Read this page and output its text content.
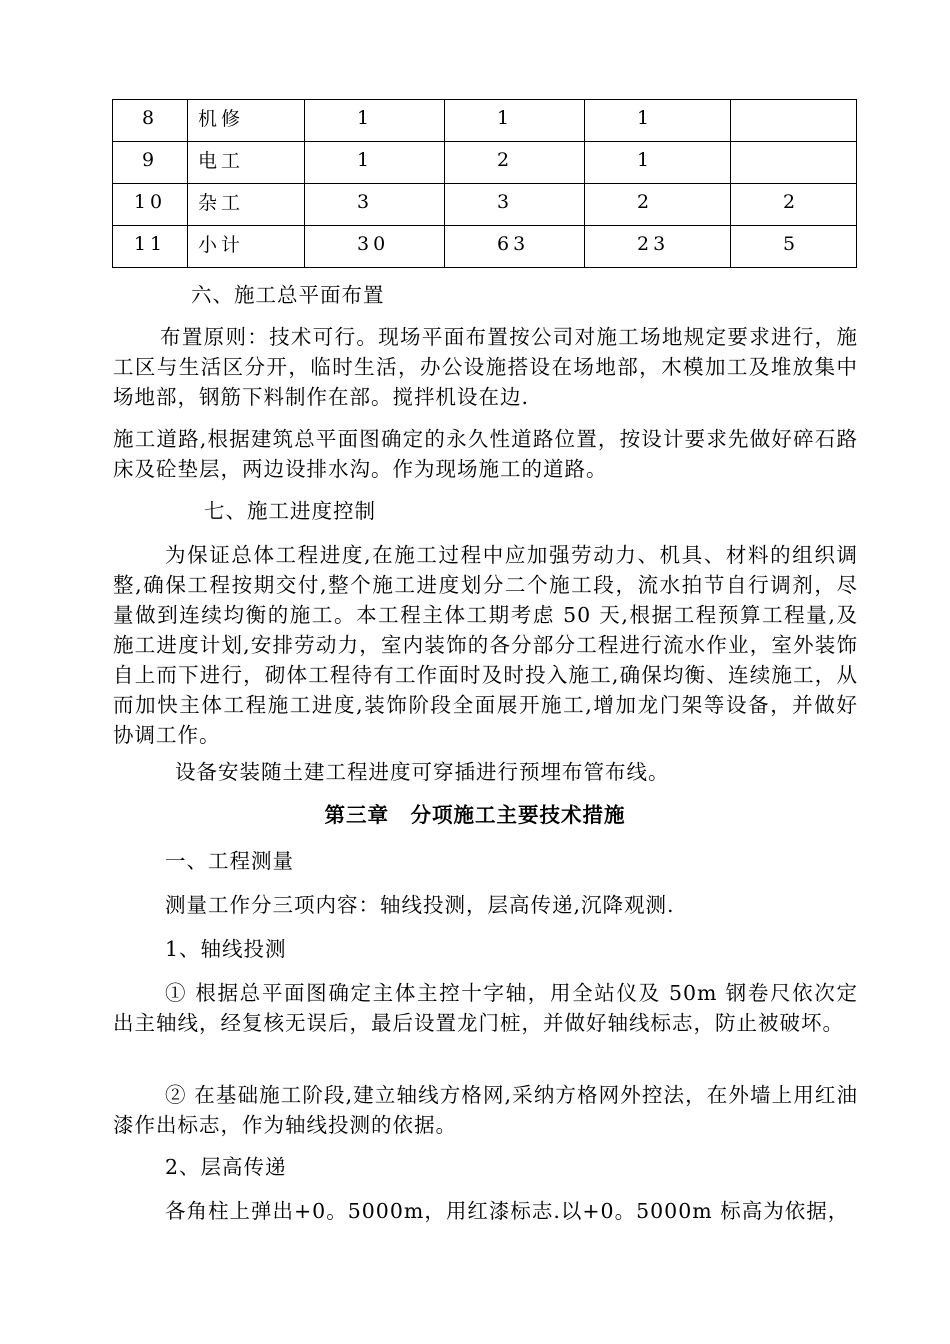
8	机修	1	1	1	
9	电工	1	2	1	
10	杂工	3	3	2	2
11	小计	30	63	23	5
六、施工总平面布置
布置原则：技术可行。现场平面布置按公司对施工场地规定要求进行，施工区与生活区分开，临时生活，办公设施搭设在场地部，木模加工及堆放集中场地部，钢筋下料制作在部。搅拌机设在边.
施工道路,根据建筑总平面图确定的永久性道路位置，按设计要求先做好碎石路床及砼垫层，两边设排水沟。作为现场施工的道路。
七、施工进度控制
为保证总体工程进度,在施工过程中应加强劳动力、机具、材料的组织调整,确保工程按期交付,整个施工进度划分二个施工段，流水拍节自行调剂，尽量做到连续均衡的施工。本工程主体工期考虑 50 天,根据工程预算工程量,及施工进度计划,安排劳动力，室内装饰的各分部分工程进行流水作业，室外装饰自上而下进行，砌体工程待有工作面时及时投入施工,确保均衡、连续施工，从而加快主体工程施工进度,装饰阶段全面展开施工,增加龙门架等设备，并做好协调工作。
设备安装随土建工程进度可穿插进行预埋布管布线。
第三章　分项施工主要技术措施
一、工程测量
测量工作分三项内容：轴线投测，层高传递,沉降观测.
1、轴线投测
① 根据总平面图确定主体主控十字轴，用全站仪及 50m 钢卷尺依次定出主轴线，经复核无误后，最后设置龙门桩，并做好轴线标志，防止被破坏。
② 在基础施工阶段,建立轴线方格网,采纳方格网外控法，在外墙上用红油漆作出标志，作为轴线投测的依据。
2、层高传递
各角柱上弹出+0。5000m，用红漆标志.以+0。5000m 标高为依据，
